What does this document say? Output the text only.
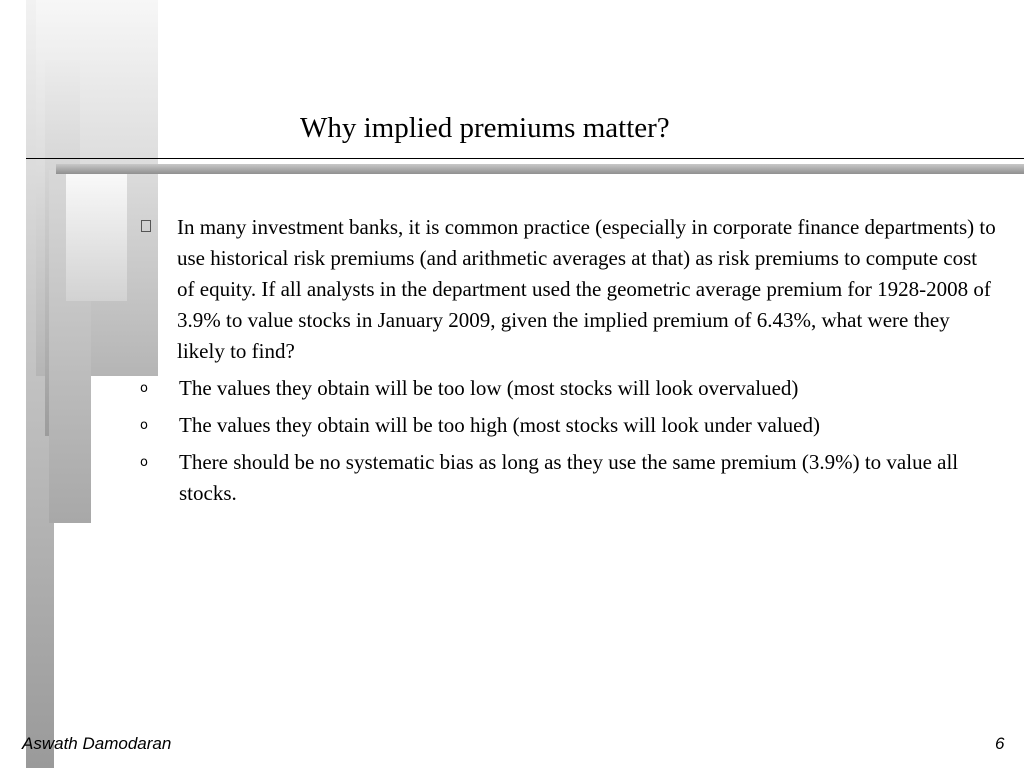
Why implied premiums matter?
In many investment banks, it is common practice (especially in corporate finance departments) to use historical risk premiums (and arithmetic averages at that) as risk premiums to compute cost of equity. If all analysts in the department used the geometric average premium for 1928-2008 of 3.9% to value stocks in January 2009, given the implied premium of 6.43%, what were they likely to find?
o	The values they obtain will be too low (most stocks will look overvalued)
o	The values they obtain will be too high (most stocks will look under valued)
o	There should be no systematic bias as long as they use the same premium (3.9%) to value all stocks.
Aswath Damodaran	6
